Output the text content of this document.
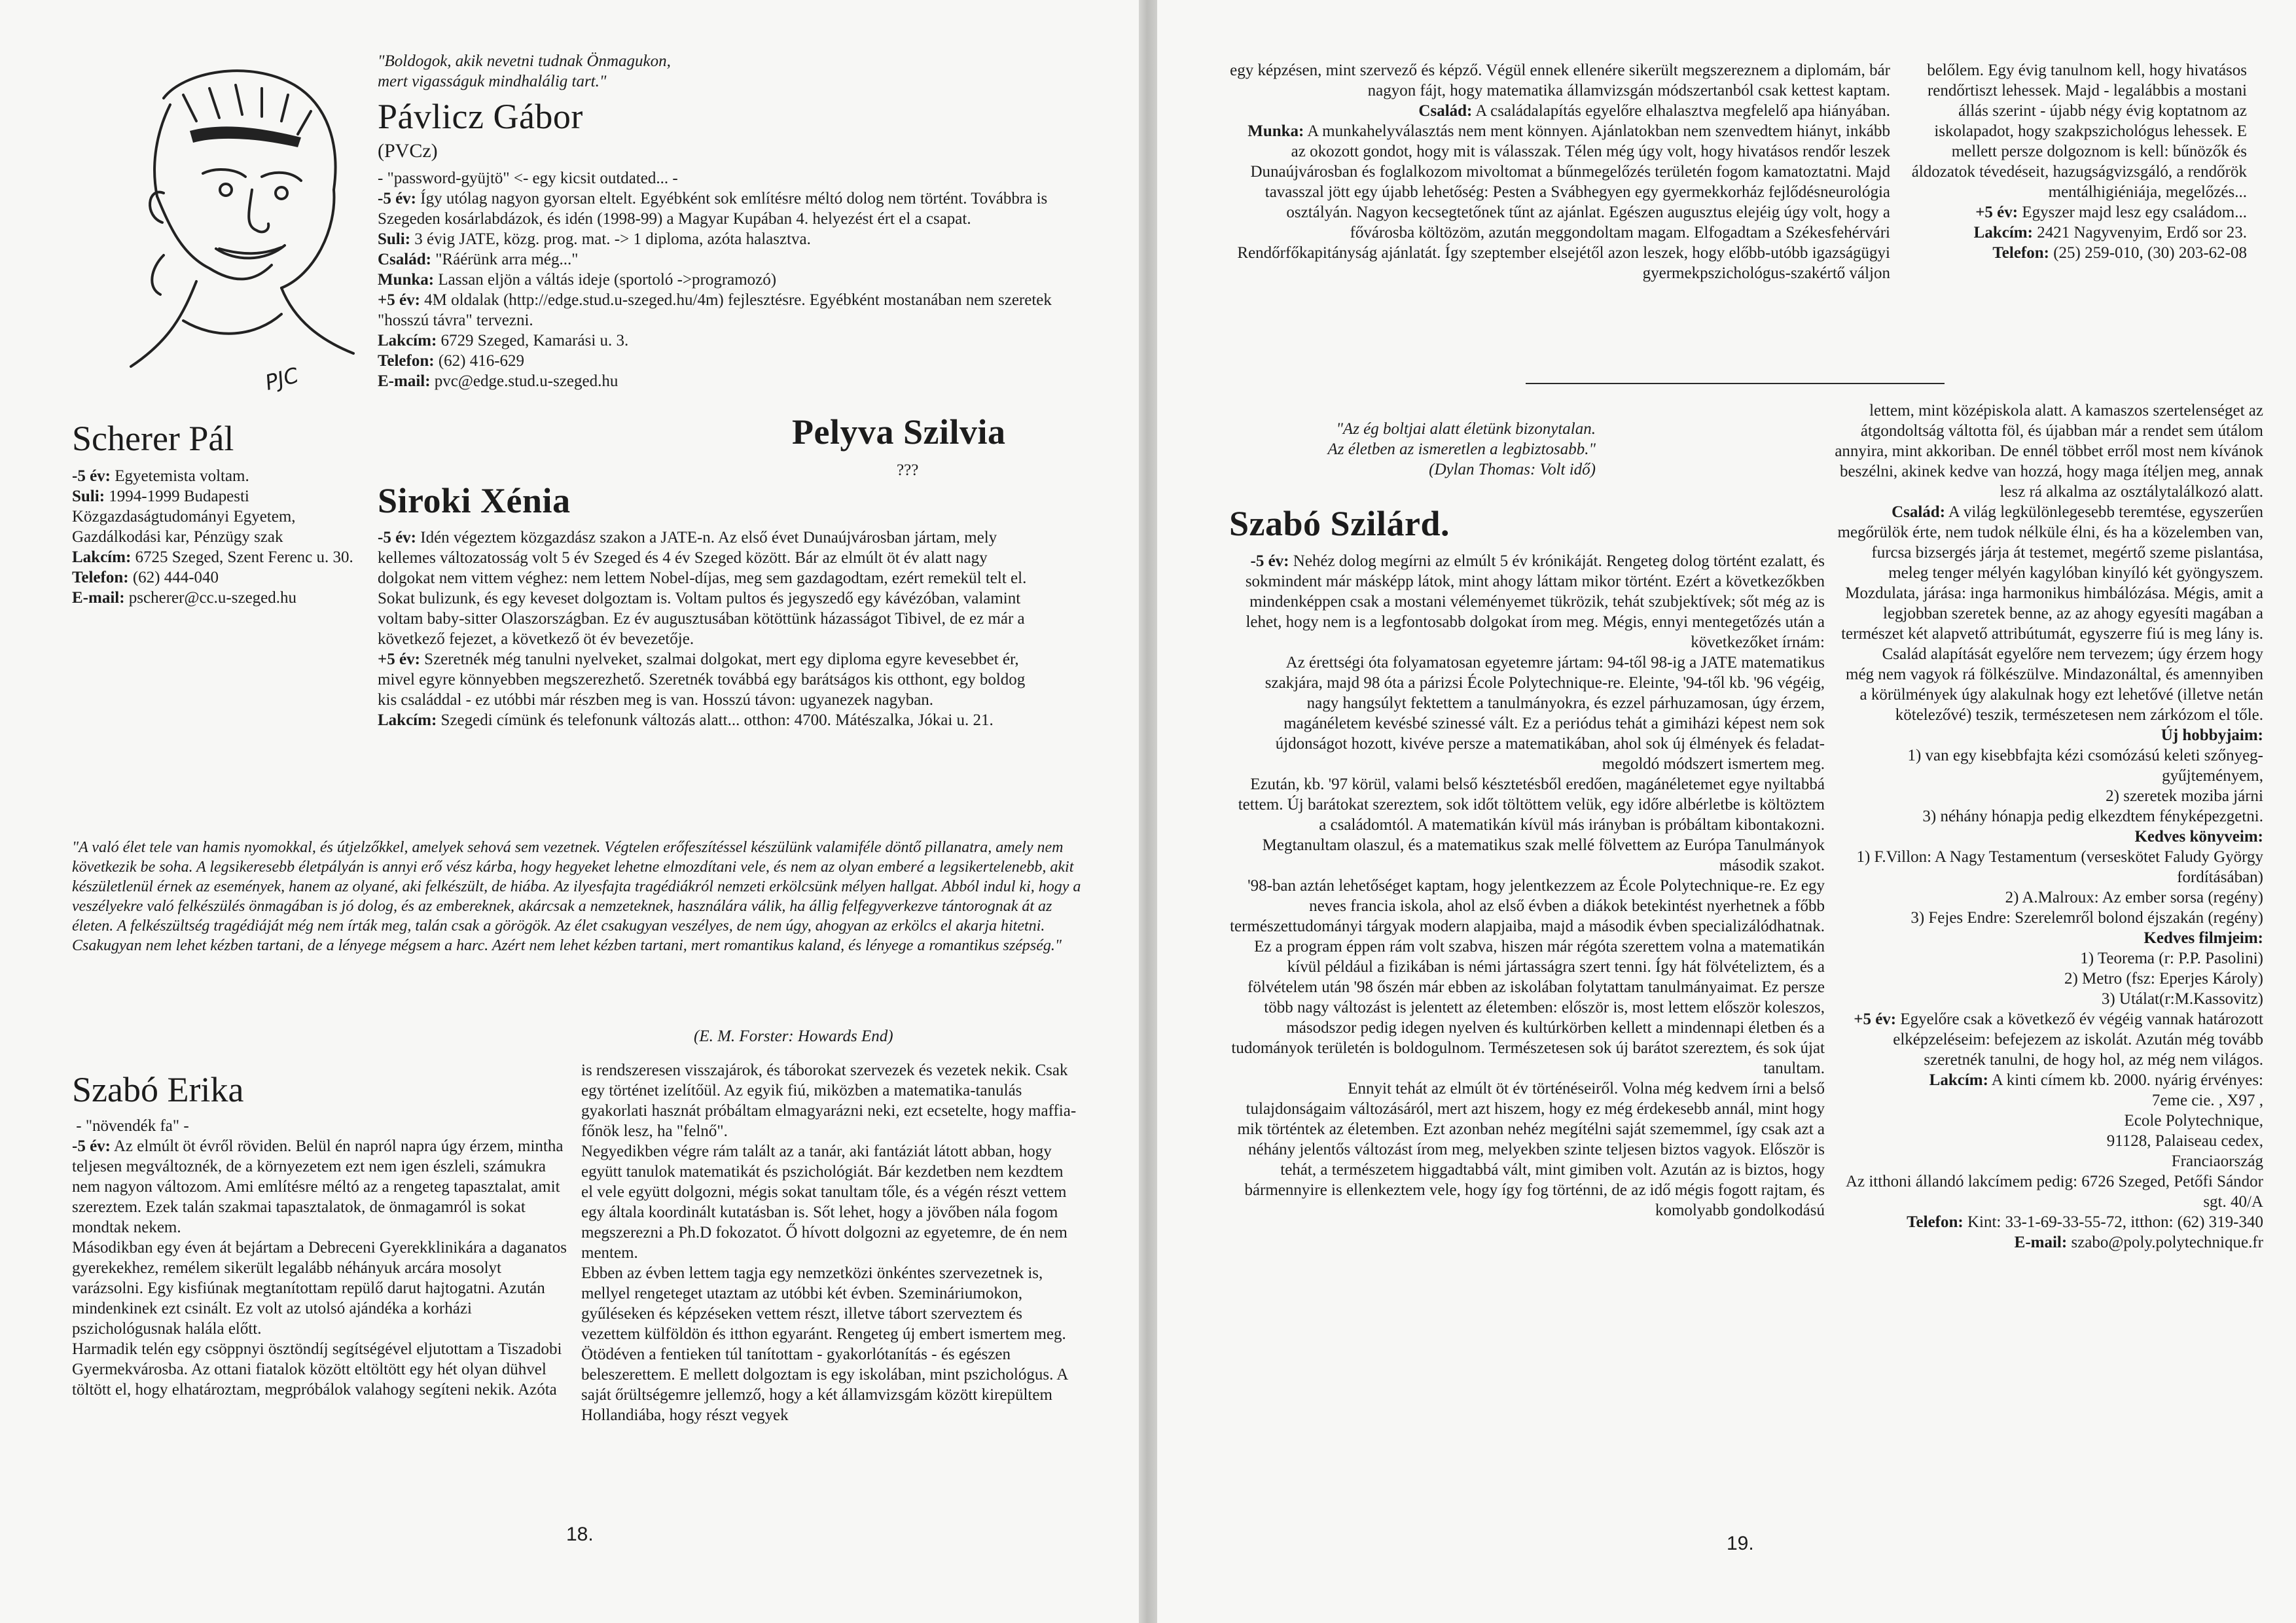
PJC

"Boldogok, akik nevetni tudnak Önmagukon,

mert vigasságuk mindhalálig tart."

Pávlicz Gábor
(PVCz)

- "password-gyüjtö" <- egy kicsit outdated... -

-5 év: Így utólag nagyon gyorsan eltelt. Egyébként sok említésre méltó dolog nem történt. Továbbra is Szegeden kosárlabdázok, és idén (1998-99) a Magyar Kupában 4. helyezést ért el a csapat.

Suli: 3 évig JATE, közg. prog. mat. -> 1 diploma, azóta halasztva.

Család: "Ráérünk arra még..."

Munka: Lassan eljön a váltás ideje (sportoló ->programozó)

+5 év: 4M oldalak (http://edge.stud.u-szeged.hu/4m) fejlesztésre. Egyébként mostanában nem szeretek "hosszú távra" tervezni.

Lakcím: 6729 Szeged, Kamarási u. 3.

Telefon: (62) 416-629

E-mail: pvc@edge.stud.u-szeged.hu

Pelyva Szilvia
???
Scherer Pál

-5 év: Egyetemista voltam.

Suli: 1994-1999 Budapesti Közgazdaságtudományi Egyetem, Gazdálkodási kar, Pénzügy szak

Lakcím: 6725 Szeged, Szent Ferenc u. 30.

Telefon: (62) 444-040

E-mail: pscherer@cc.u-szeged.hu

Siroki Xénia

-5 év: Idén végeztem közgazdász szakon a JATE-n. Az első évet Dunaújvárosban jártam, mely kellemes változatosság volt 5 év Szeged és 4 év Szeged között. Bár az elmúlt öt év alatt nagy dolgokat nem vittem véghez: nem lettem Nobel-díjas, meg sem gazdagodtam, ezért remekül telt el. Sokat bulizunk, és egy keveset dolgoztam is. Voltam pultos és jegyszedő egy kávézóban, valamint voltam baby-sitter Olaszországban. Ez év augusztusában kötöttünk házasságot Tibivel, de ez már a következő fejezet, a következő öt év bevezetője.

+5 év: Szeretnék még tanulni nyelveket, szalmai dolgokat, mert egy diploma egyre kevesebbet ér, mivel egyre könnyebben megszerezhető. Szeretnék továbbá egy barátságos kis otthont, egy boldog kis családdal - ez utóbbi már részben meg is van. Hosszú távon: ugyanezek nagyban.

Lakcím: Szegedi címünk és telefonunk változás alatt... otthon: 4700. Mátészalka, Jókai u. 21.

"A való élet tele van hamis nyomokkal, és útjelzőkkel, amelyek sehová sem vezetnek. Végtelen erőfeszítéssel készülünk valamiféle döntő pillanatra, amely nem következik be soha. A legsikeresebb életpályán is annyi erő vész kárba, hogy hegyeket lehetne elmozdítani vele, és nem az olyan emberé a legsikertelenebb, akit készületlenül érnek az események, hanem az olyané, aki felkészült, de hiába. Az ilyesfajta tragédiákról nemzeti erkölcsünk mélyen hallgat. Abból indul ki, hogy a veszélyekre való felkészülés önmagában is jó dolog, és az embereknek, akárcsak a nemzeteknek, használára válik, ha állig felfegyverkezve tántorognak át az életen. A felkészültség tragédiáját még nem írták meg, talán csak a görögök. Az élet csakugyan veszélyes, de nem úgy, ahogyan az erkölcs el akarja hitetni. Csakugyan nem lehet kézben tartani, de a lényege mégsem a harc. Azért nem lehet kézben tartani, mert romantikus kaland, és lényege a romantikus szépség."
(E. M. Forster: Howards End)
Szabó Erika

- "növendék fa" -

-5 év: Az elmúlt öt évről röviden. Belül én napról napra úgy érzem, mintha teljesen megváltoznék, de a környezetem ezt nem igen észleli, számukra nem nagyon változom. Ami említésre méltó az a rengeteg tapasztalat, amit szereztem. Ezek talán szakmai tapasztalatok, de önmagamról is sokat mondtak nekem.

Másodikban egy éven át bejártam a Debreceni Gyerekklinikára a daganatos gyerekekhez, remélem sikerült legalább néhányuk arcára mosolyt varázsolni. Egy kisfiúnak megtanítottam repülő darut hajtogatni. Azután mindenkinek ezt csinált. Ez volt az utolsó ajándéka a korházi pszichológusnak halála előtt.

Harmadik telén egy csöppnyi ösztöndíj segítségével eljutottam a Tiszadobi Gyermekvárosba. Az ottani fiatalok között eltöltött egy hét olyan dühvel töltött el, hogy elhatároztam, megpróbálok valahogy segíteni nekik. Azóta

is rendszeresen visszajárok, és táborokat szervezek és vezetek nekik. Csak egy történet izelítőül. Az egyik fiú, miközben a matematika-tanulás gyakorlati hasznát próbáltam elmagyarázni neki, ezt ecsetelte, hogy maffia-főnök lesz, ha "felnő".

Negyedikben végre rám talált az a tanár, aki fantáziát látott abban, hogy együtt tanulok matematikát és pszichológiát. Bár kezdetben nem kezdtem el vele együtt dolgozni, mégis sokat tanultam tőle, és a végén részt vettem egy általa koordinált kutatásban is. Sőt lehet, hogy a jövőben nála fogom megszerezni a Ph.D fokozatot. Ő hívott dolgozni az egyetemre, de én nem mentem.

Ebben az évben lettem tagja egy nemzetközi önkéntes szervezetnek is, mellyel rengeteget utaztam az utóbbi két évben. Szemináriumokon, gyűléseken és képzéseken vettem részt, illetve tábort szerveztem és vezettem külföldön és itthon egyaránt. Rengeteg új embert ismertem meg.

Ötödéven a fentieken túl tanítottam - gyakorlótanítás - és egészen beleszerettem. E mellett dolgoztam is egy iskolában, mint pszichológus. A saját őrültségemre jellemző, hogy a két államvizsgám között kirepültem Hollandiába, hogy részt vegyek

18.

egy képzésen, mint szervező és képző. Végül ennek ellenére sikerült megszereznem a diplomám, bár nagyon fájt, hogy matematika államvizsgán módszertanból csak kettest kaptam.

Család: A családalapítás egyelőre elhalasztva megfelelő apa hiányában.

Munka: A munkahelyválasztás nem ment könnyen. Ajánlatokban nem szenvedtem hiányt, inkább az okozott gondot, hogy mit is válasszak. Télen még úgy volt, hogy hivatásos rendőr leszek Dunaújvárosban és foglalkozom mivoltomat a bűnmegelőzés területén fogom kamatoztatni. Majd tavasszal jött egy újabb lehetőség: Pesten a Svábhegyen egy gyermekkorház fejlődésneurológia osztályán. Nagyon kecsegtetőnek tűnt az ajánlat. Egészen augusztus elejéig úgy volt, hogy a fővárosba költözöm, azután meggondoltam magam. Elfogadtam a Székesfehérvári Rendőrfőkapitányság ajánlatát. Így szeptember elsejétől azon leszek, hogy előbb-utóbb igazságügyi gyermekpszichológus-szakértő váljon

belőlem. Egy évig tanulnom kell, hogy hivatásos rendőrtiszt lehessek. Majd - legalábbis a mostani állás szerint - újabb négy évig koptatnom az iskolapadot, hogy szakpszichológus lehessek. E mellett persze dolgoznom is kell: bűnözők és áldozatok tévedéseit, hazugságvizsgáló, a rendőrök mentálhigiéniája, megelőzés...

+5 év: Egyszer majd lesz egy családom...

Lakcím: 2421 Nagyvenyim, Erdő sor 23.

Telefon: (25) 259-010, (30) 203-62-08

"Az ég boltjai alatt életünk bizonytalan.

Az életben az ismeretlen a legbiztosabb."

(Dylan Thomas: Volt idő)

Szabó Szilárd.

-5 év: Nehéz dolog megírni az elmúlt 5 év krónikáját. Rengeteg dolog történt ezalatt, és sokmindent már másképp látok, mint ahogy láttam mikor történt. Ezért a következőkben mindenképpen csak a mostani véleményemet tükrözik, tehát szubjektívek; sőt még az is lehet, hogy nem is a legfontosabb dolgokat írom meg. Mégis, ennyi mentegetőzés után a

következőket írnám:

Az érettségi óta folyamatosan egyetemre jártam: 94-től 98-ig a JATE matematikus szakjára, majd 98 óta a párizsi École Polytechnique-re. Eleinte, '94-től kb. '96 végéig, nagy hangsúlyt fektettem a tanulmányokra, és ezzel párhuzamosan, úgy érzem, magánéletem kevésbé szinessé vált. Ez a periódus tehát a gimiházi képest nem sok újdonságot hozott, kivéve persze a matematikában, ahol sok új élmények és feladat-megoldó módszert ismertem meg.

Ezután, kb. '97 körül, valami belső késztetésből eredően, magánéletemet egye nyiltabbá tettem. Új barátokat szereztem, sok időt töltöttem velük, egy időre albérletbe is költöztem a családomtól. A matematikán kívül más irányban is próbáltam kibontakozni. Megtanultam olaszul, és a matematikus szak mellé fölvettem az Európa Tanulmányok

második szakot.

'98-ban aztán lehetőséget kaptam, hogy jelentkezzem az École Polytechnique-re. Ez egy neves francia iskola, ahol az első évben a diákok betekintést nyerhetnek a főbb természettudományi tárgyak modern alapjaiba, majd a második évben specializálódhatnak. Ez a program éppen rám volt szabva, hiszen már régóta szerettem volna a matematikán kívül például a fizikában is némi jártasságra szert tenni. Így hát fölvételiztem, és a fölvételem után '98 őszén már ebben az iskolában folytattam tanulmányaimat. Ez persze több nagy változást is jelentett az életemben: először is, most lettem először koleszos, másodszor pedig idegen nyelven és kultúrkörben kellett a mindennapi életben és a tudományok területén is boldogulnom. Természetesen sok új barátot szereztem, és sok újat tanultam.

Ennyit tehát az elmúlt öt év történéseiről. Volna még kedvem írni a belső tulajdonságaim változásáról, mert azt hiszem, hogy ez még érdekesebb annál, mint hogy mik történtek az életemben. Ezt azonban nehéz megítélni saját szememmel, így csak azt a néhány jelentős változást írom meg, melyekben szinte teljesen biztos vagyok. Először is

tehát, a természetem higgadtabbá vált, mint gimiben volt. Azután az is biztos, hogy bármennyire is ellenkeztem vele, hogy így fog történni, de az idő mégis fogott rajtam, és komolyabb gondolkodású

lettem, mint középiskola alatt. A kamaszos szertelenséget az átgondoltság váltotta föl, és újabban már a rendet sem útálom annyira, mint akkoriban. De ennél többet erről most nem kívánok beszélni, akinek kedve van hozzá, hogy maga ítéljen meg, annak lesz rá alkalma az osztálytalálkozó alatt.

Család: A világ legkülönlegesebb teremtése, egyszerűen megőrülök érte, nem tudok nélküle élni, és ha a közelemben van, furcsa bizsergés járja át testemet, megértő szeme pislantása, meleg tenger mélyén kagylóban kinyíló két gyöngyszem. Mozdulata, járása: inga harmonikus himbálózása. Mégis, amit a legjobban szeretek benne, az az ahogy egyesíti magában a természet két alapvető attribútumát, egyszerre fiú is meg lány is.

Család alapítását egyelőre nem tervezem; úgy érzem hogy még nem vagyok rá fölkészülve. Mindazonáltal, és amennyiben a körülmények úgy alakulnak hogy ezt lehetővé (illetve netán kötelezővé) teszik, természetesen nem zárkózom el tőle.

Új hobbyjaim:

1) van egy kisebbfajta kézi csomózású keleti szőnyeg-gyűjteményem,

2) szeretek moziba járni

3) néhány hónapja pedig elkezdtem fényképezgetni.

Kedves könyveim:

1) F.Villon: A Nagy Testamentum (verseskötet Faludy György fordításában)

2) A.Malroux: Az ember sorsa (regény)

3) Fejes Endre: Szerelemről bolond éjszakán (regény)

Kedves filmjeim:

1) Teorema (r: P.P. Pasolini)

2) Metro (fsz: Eperjes Károly)

3) Utálat(r:M.Kassovitz)

+5 év: Egyelőre csak a következő év végéig vannak határozott elképzeléseim: befejezem az iskolát. Azután még tovább szeretnék tanulni, de hogy hol, az még nem világos.

Lakcím: A kinti címem kb. 2000. nyárig érvényes:

7eme cie. , X97 ,

Ecole Polytechnique,

91128, Palaiseau cedex,

Franciaország

Az itthoni állandó lakcímem pedig: 6726 Szeged, Petőfi Sándor sgt. 40/A

Telefon: Kint: 33-1-69-33-55-72, itthon: (62) 319-340

E-mail: szabo@poly.polytechnique.fr

19.
